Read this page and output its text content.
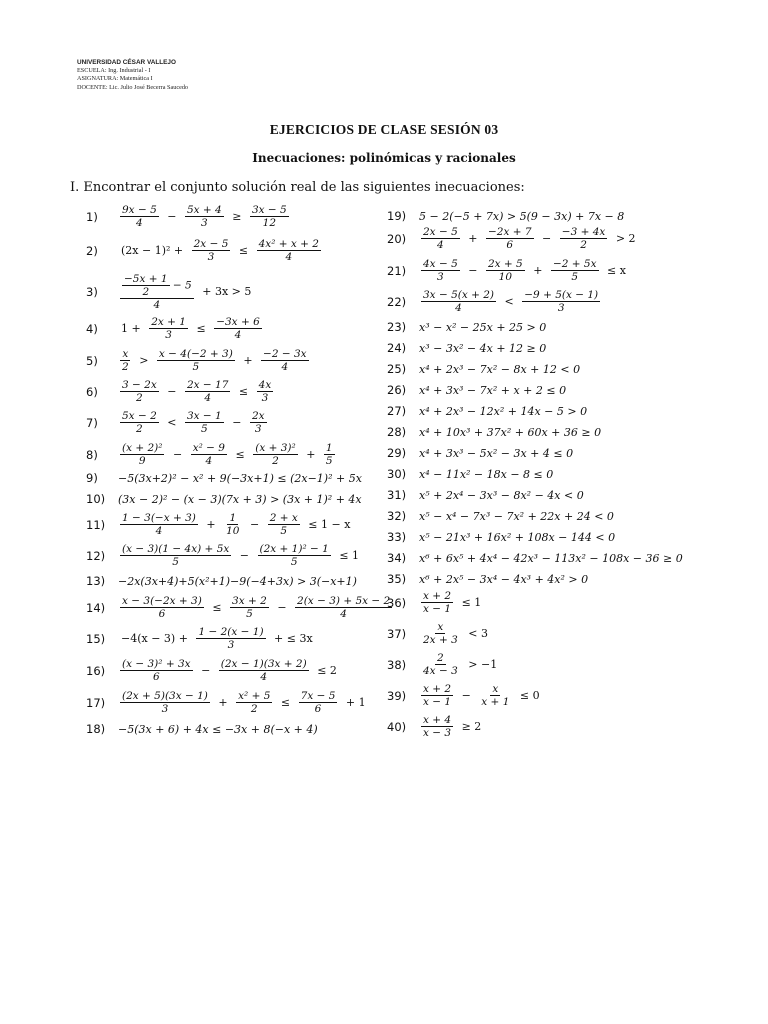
UNIVERSIDAD CÉSAR VALLEJO
ESCUELA: Ing. Industrial - I
ASIGNATURA: Matemática I
DOCENTE: Lic. Julio José Becerra Saucedo
EJERCICIOS DE CLASE SESIÓN 03
Inecuaciones: polinómicas y racionales
I. Encontrar el conjunto solución real de las siguientes inecuaciones:
1)	$\frac{9x - 5}{4} - \frac{5x + 4}{3} \ge \frac{3x - 5}{12}$
2)	$(2x - 1)^2 + \frac{2x - 5}{3} \le \frac{\text{4x² + x + 2}}{4}$
3)	$\frac{\frac{-5x + 1}{2} - 5}{4} + 3x > 5$
4)	$1 + \frac{2x + 1}{3} \le \frac{-3x + 6}{4}$
5)	$\frac{x}{2} > \frac{x - 4(-2 + 3)}{5} + \frac{-2 - 3x}{4}$
6)	$\frac{3 - 2x}{2} - \frac{2x - 17}{4} \le \frac{4x}{3}$
7)	$\frac{5x - 2}{2} < \frac{3x - 1}{5} - \frac{2x}{3}$
8)	$\frac{\text{(x + 2)²}}{9} - \frac{\text{x² − 9}}{4} \le \frac{\text{(x + 3)²}}{2} + \frac{1}{5}$
9)	−5(3x+2)² − x² + 9(−3x+1) ≤ (2x−1)² + 5x
10)	(3x − 2)² − (x − 3)(7x + 3) > (3x + 1)² + 4x
11)	$\frac{1 - 3(-x + 3)}{4} + \frac{1}{10} - \frac{2 + x}{5} \le 1 - x$
12)	$\frac{(x - 3)(1 - 4x) + 5x}{5} - \frac{\text{(2x + 1)² − 1}}{5} \le 1$
13)	−2x(3x+4)+5(x²+1)−9(−4+3x) > 3(−x+1)
14)	$\frac{x - 3(-2x + 3)}{6} \le \frac{3x + 2}{5} - \frac{2(x - 3) + 5x - 2}{4}$
15)	$-4(x - 3) + \frac{1 - 2(x - 1)}{3}$ + ≤ 3x
16)	$\frac{\text{(x − 3)² + 3x}}{6} - \frac{(2x - 1)(3x + 2)}{4} \le 2$
17)	$\frac{(2x + 5)(3x - 1)}{3} + \frac{\text{x² + 5}}{2} \le \frac{7x - 5}{6} + 1$
18)	−5(3x + 6) + 4x ≤ −3x + 8(−x + 4)
19)	5 − 2(−5 + 7x) > 5(9 − 3x) + 7x − 8
20)	$\frac{2x - 5}{4} + \frac{-2x + 7}{6} - \frac{-3 + 4x}{2} > 2$
21)	$\frac{4x - 5}{3} - \frac{2x + 5}{10} + \frac{-2 + 5x}{5} \le x$
22)	$\frac{3x - 5(x + 2)}{4} < \frac{-9 + 5(x - 1)}{3}$
23)	x³ − x² − 25x + 25 > 0
24)	x³ − 3x² − 4x + 12 ≥ 0
25)	x⁴ + 2x³ − 7x² − 8x + 12 < 0
26)	x⁴ + 3x³ − 7x² + x + 2 ≤ 0
27)	x⁴ + 2x³ − 12x² + 14x − 5 > 0
28)	x⁴ + 10x³ + 37x² + 60x + 36 ≥ 0
29)	x⁴ + 3x³ − 5x² − 3x + 4 ≤ 0
30)	x⁴ − 11x² − 18x − 8 ≤ 0
31)	x⁵ + 2x⁴ − 3x³ − 8x² − 4x < 0
32)	x⁵ − x⁴ − 7x³ − 7x² + 22x + 24 < 0
33)	x⁵ − 21x³ + 16x² + 108x − 144 < 0
34)	x⁶ + 6x⁵ + 4x⁴ − 42x³ − 113x² − 108x − 36 ≥ 0
35)	x⁶ + 2x⁵ − 3x⁴ − 4x³ + 4x² > 0
36)	$\frac{x + 2}{x - 1} \le 1$
37)	$\frac{x}{2x + 3} < 3$
38)	$\frac{2}{4x - 3} > -1$
39)	$\frac{x + 2}{x - 1} - \frac{x}{x + 1} \le 0$
40)	$\frac{x + 4}{x - 3} \ge 2$
